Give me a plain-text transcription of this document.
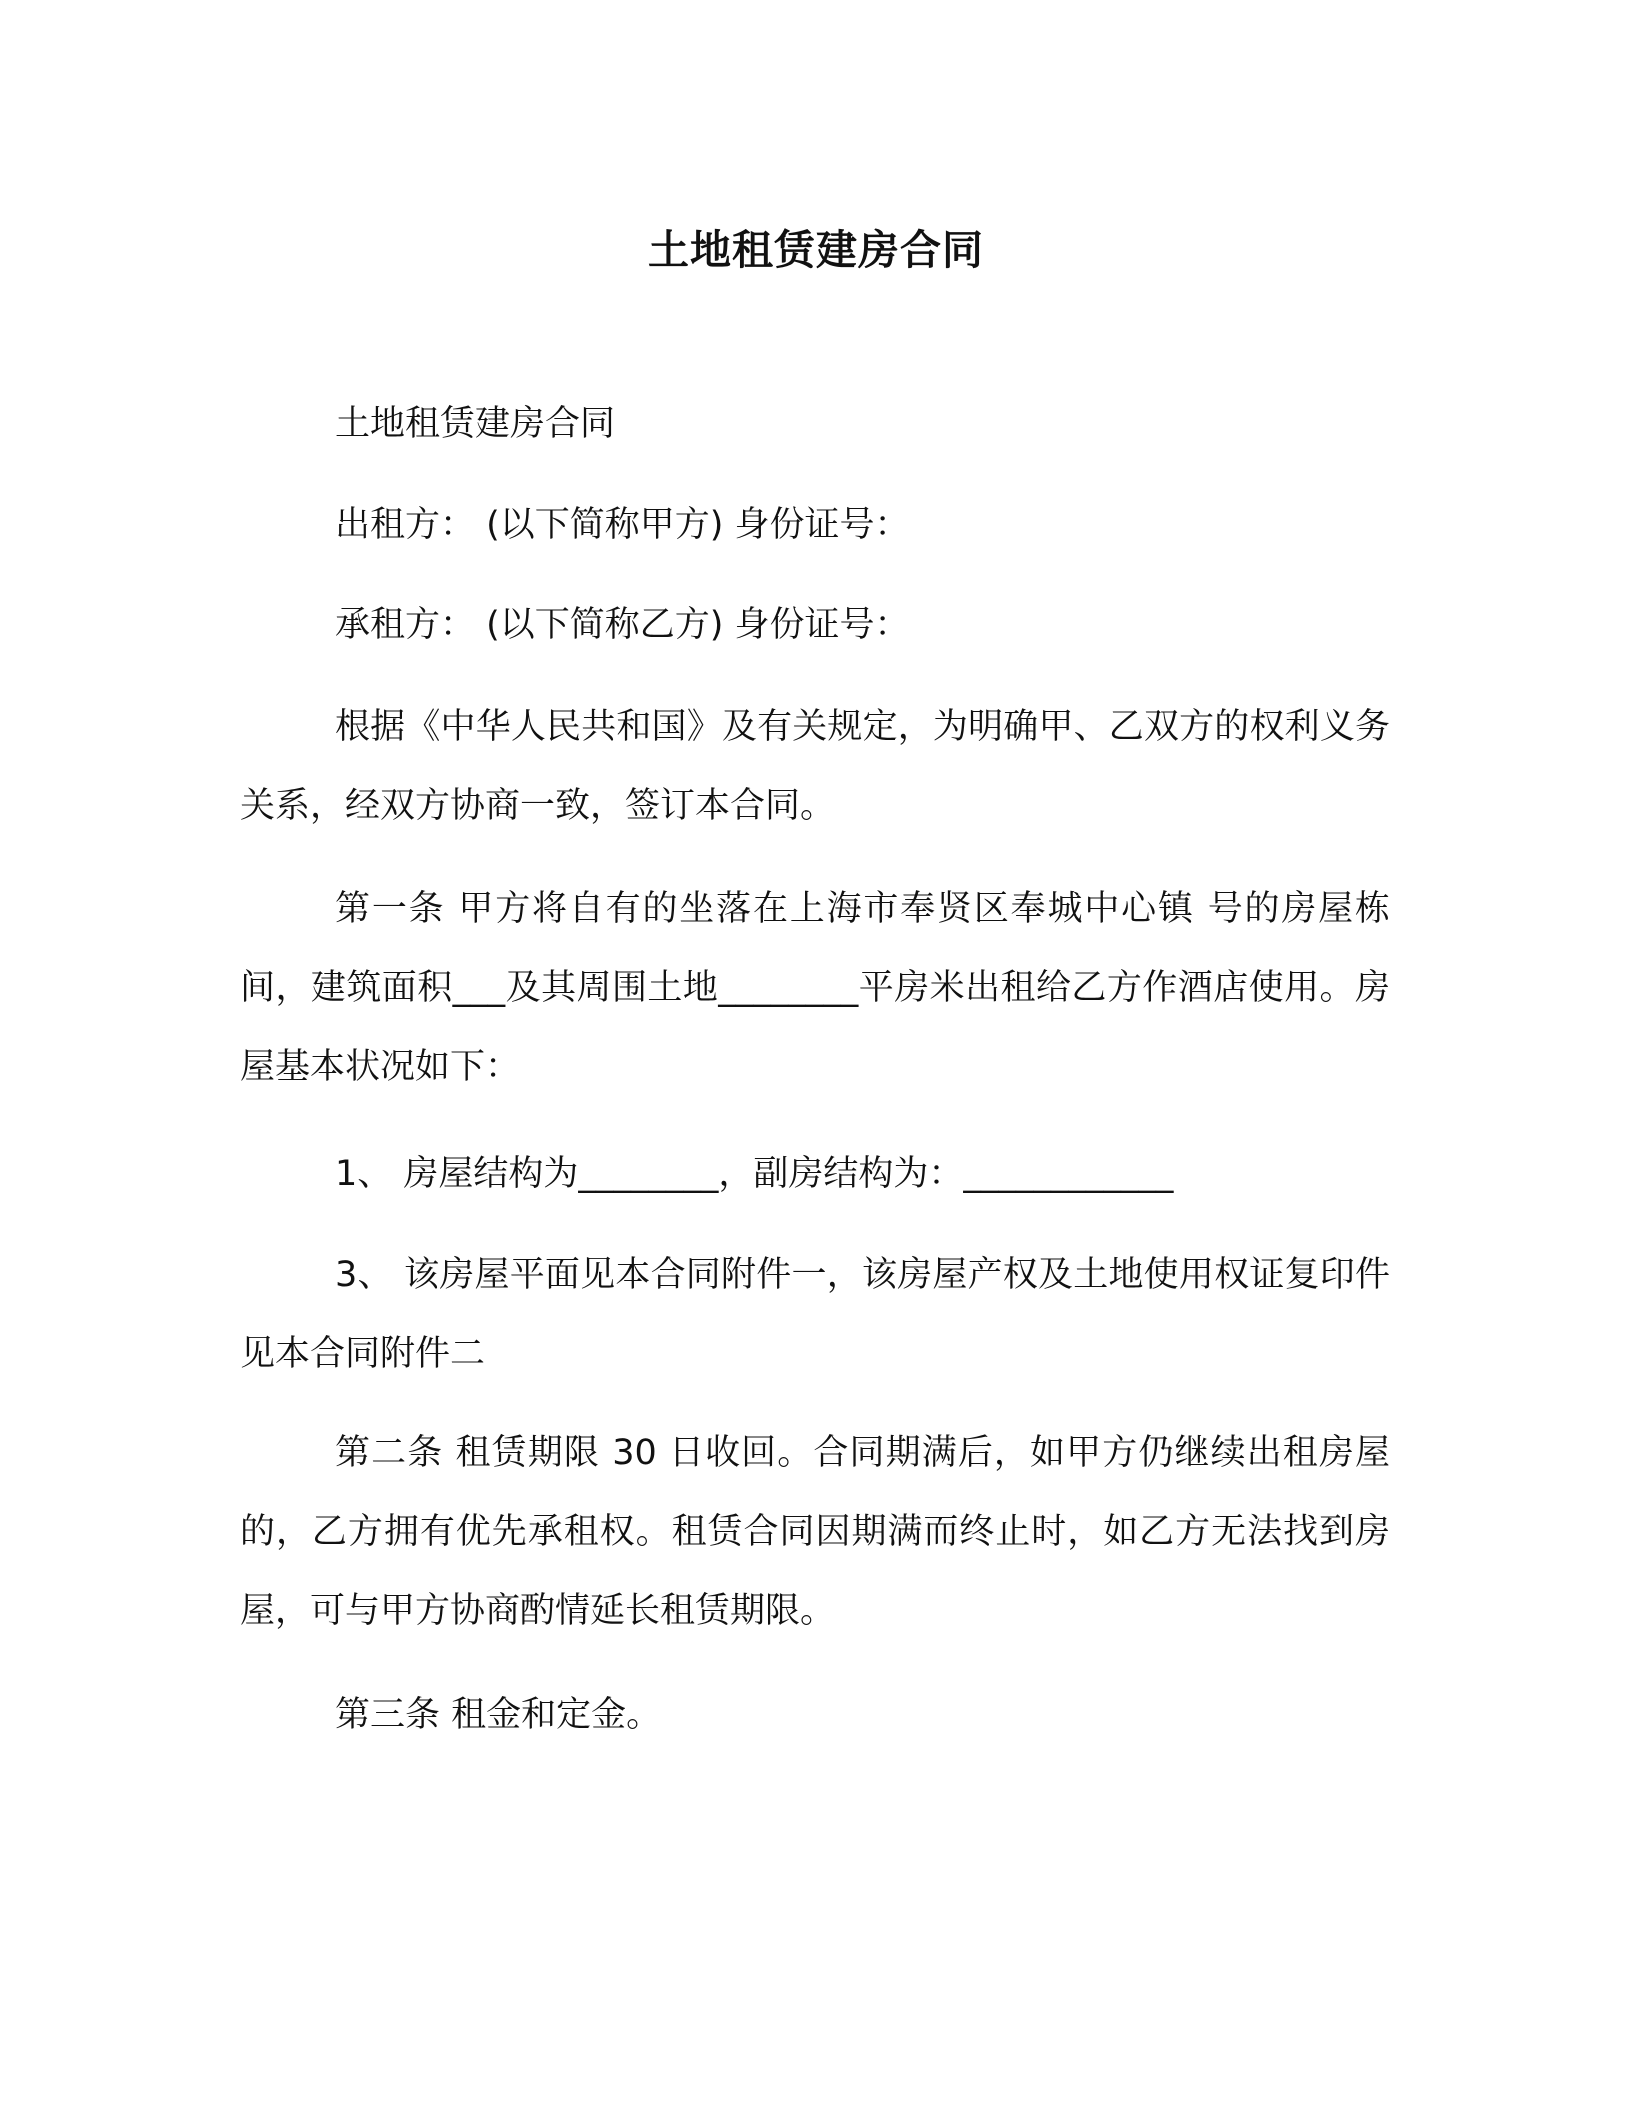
土地租赁建房合同
土地租赁建房合同
出租方： (以下简称甲方) 身份证号：
承租方： (以下简称乙方) 身份证号：
根据《中华人民共和国》及有关规定，为明确甲、乙双方的权利义务关系，经双方协商一致，签订本合同。
第一条 甲方将自有的坐落在上海市奉贤区奉城中心镇 号的房屋栋 间，建筑面积___及其周围土地________平房米出租给乙方作酒店使用。房屋基本状况如下：
1、 房屋结构为________，副房结构为：____________
3、 该房屋平面见本合同附件一，该房屋产权及土地使用权证复印件见本合同附件二
第二条 租赁期限 30 日收回。合同期满后，如甲方仍继续出租房屋的，乙方拥有优先承租权。租赁合同因期满而终止时，如乙方无法找到房屋，可与甲方协商酌情延长租赁期限。
第三条 租金和定金。
